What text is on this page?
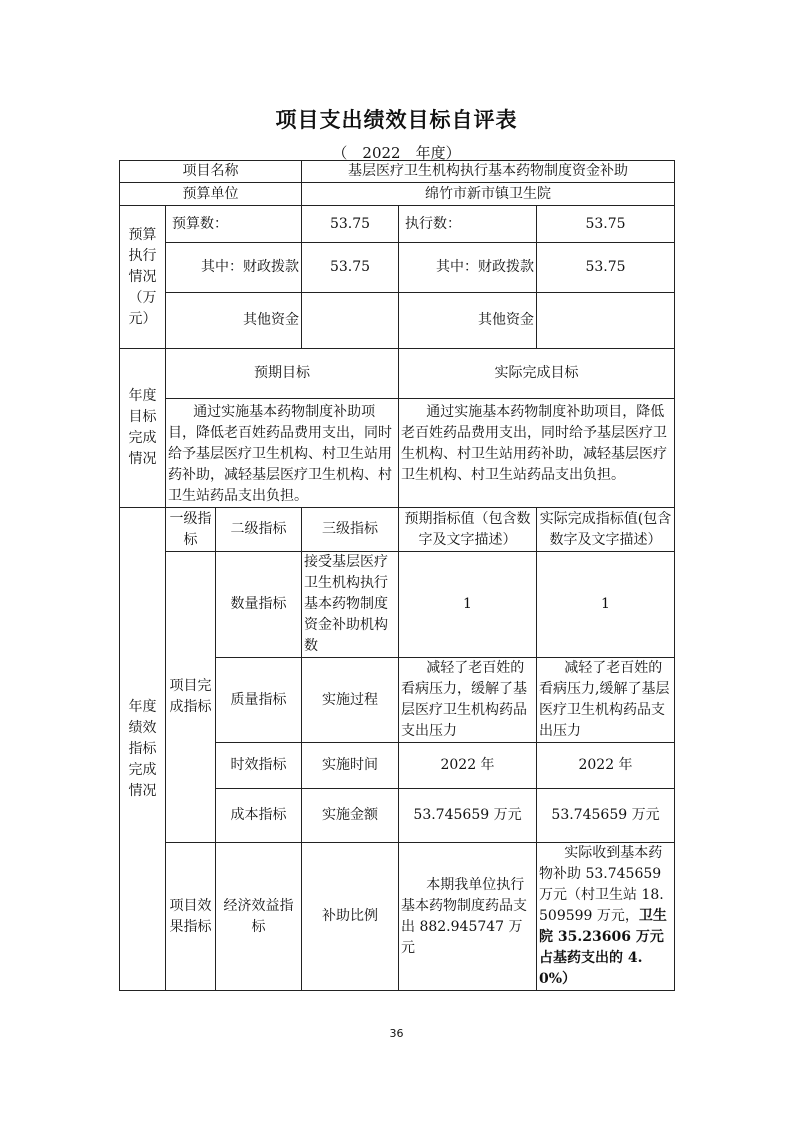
项目支出绩效目标自评表
（　2022　年度）
项目名称			基层医疗卫生机构执行基本药物制度资金补助		
预算单位			绵竹市新市镇卫生院		
预算执行情况（万元）	预算数：		53.75	执行数：	53.75
	其中：财政拨款		53.75	其中：财政拨款	53.75
	其他资金			其他资金	
年度目标完成情况	预期目标			实际完成目标	
	通过实施基本药物制度补助项目，降低老百姓药品费用支出，同时给予基层医疗卫生机构、村卫生站用药补助，减轻基层医疗卫生机构、村卫生站药品支出负担。			通过实施基本药物制度补助项目，降低老百姓药品费用支出，同时给予基层医疗卫生机构、村卫生站用药补助，减轻基层医疗卫生机构、村卫生站药品支出负担。	
年度绩效指标完成情况	一级指标	二级指标	三级指标	预期指标值（包含数字及文字描述）	实际完成指标值(包含数字及文字描述）
	项目完成指标	数量指标	接受基层医疗卫生机构执行基本药物制度资金补助机构数	1	1
		质量指标	实施过程	减轻了老百姓的看病压力，缓解了基层医疗卫生机构药品支出压力	减轻了老百姓的看病压力,缓解了基层医疗卫生机构药品支出压力
		时效指标	实施时间	2022 年	2022 年
		成本指标	实施金额	53.745659 万元	53.745659 万元
	项目效果指标	经济效益指标	补助比例	本期我单位执行基本药物制度药品支出 882.945747 万元	实际收到基本药物补助 53.745659 万元（村卫生站 18.509599 万元，卫生院 35.23606 万元占基药支出的 4.0%）
36
